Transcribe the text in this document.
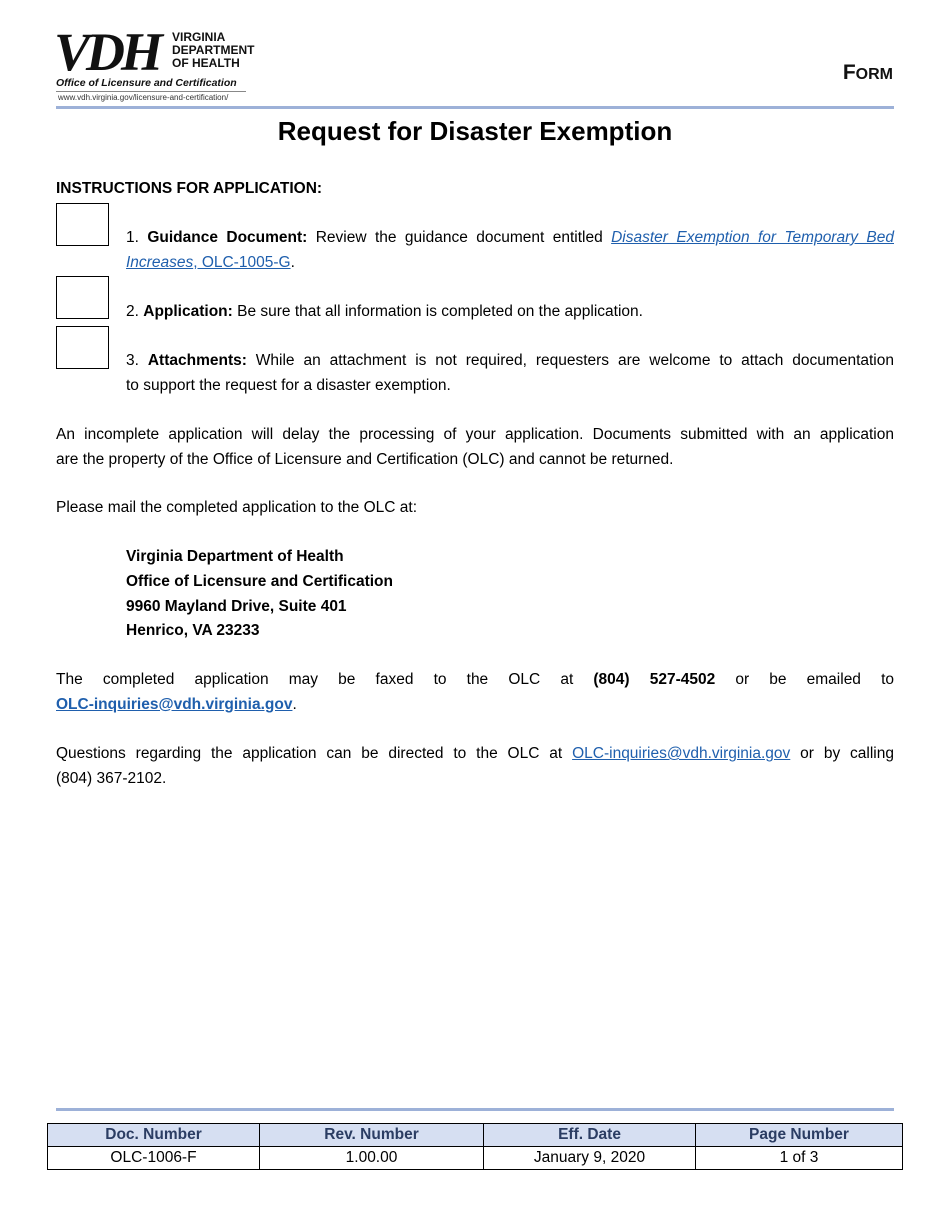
VDH VIRGINIA
DEPARTMENT
OF HEALTH
Office of Licensure and Certification
www.vdh.virginia.gov/licensure-and-certification/
FORM
Request for Disaster Exemption
INSTRUCTIONS FOR APPLICATION:
1. Guidance Document: Review the guidance document entitled Disaster Exemption for Temporary Bed
Increases, OLC-1005-G.
2. Application: Be sure that all information is completed on the application.
3. Attachments: While an attachment is not required, requesters are welcome to attach documentation
to support the request for a disaster exemption.
An incomplete application will delay the processing of your application. Documents submitted with an application
are the property of the Office of Licensure and Certification (OLC) and cannot be returned.
Please mail the completed application to the OLC at:
Virginia Department of Health
Office of Licensure and Certification
9960 Mayland Drive, Suite 401
Henrico, VA 23233
The completed application may be faxed to the OLC at (804) 527-4502 or be emailed to
OLC-inquiries@vdh.virginia.gov.
Questions regarding the application can be directed to the OLC at OLC-inquiries@vdh.virginia.gov or by calling
(804) 367-2102.
Doc. Number	Rev. Number	Eff. Date	Page Number
OLC-1006-F	1.00.00	January 9, 2020	1 of 3
